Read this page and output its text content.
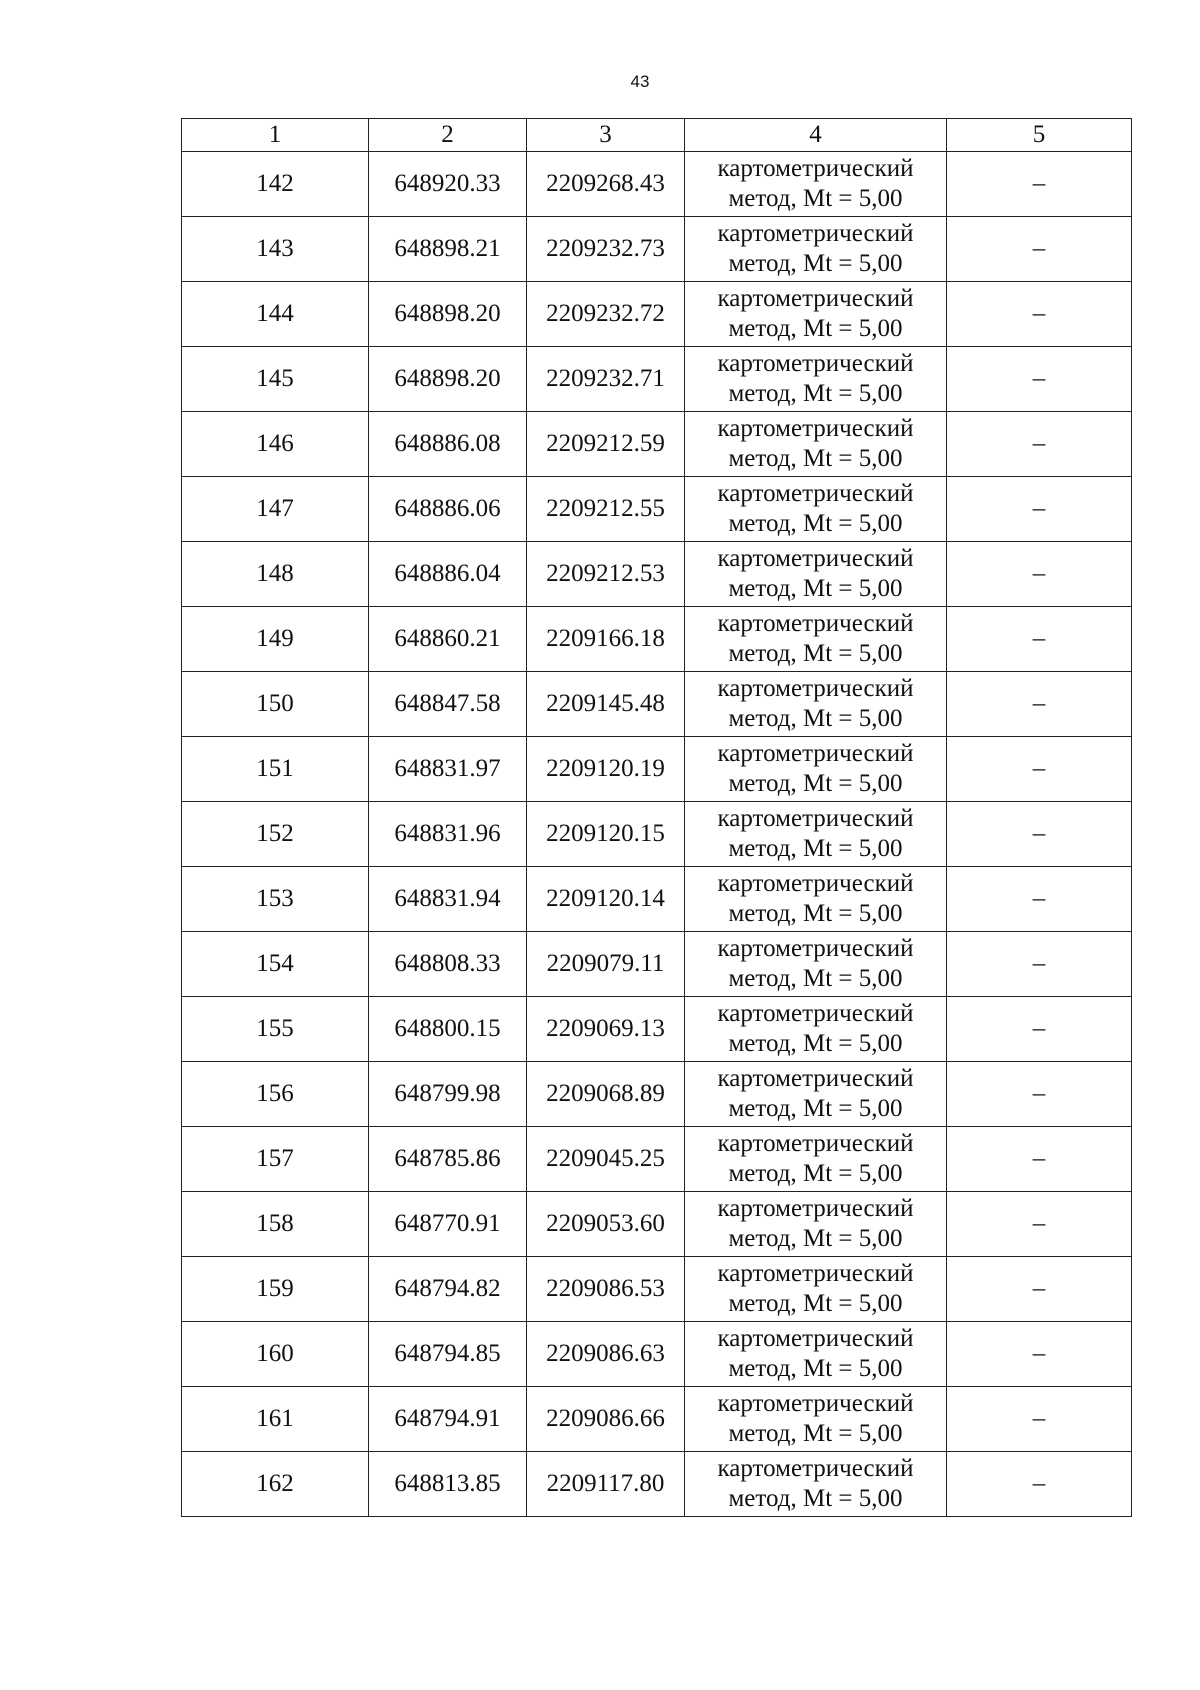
43
1	2	3	4	5
142	648920.33	2209268.43	картометрический
метод, Mt = 5,00	–
143	648898.21	2209232.73	картометрический
метод, Mt = 5,00	–
144	648898.20	2209232.72	картометрический
метод, Mt = 5,00	–
145	648898.20	2209232.71	картометрический
метод, Mt = 5,00	–
146	648886.08	2209212.59	картометрический
метод, Mt = 5,00	–
147	648886.06	2209212.55	картометрический
метод, Mt = 5,00	–
148	648886.04	2209212.53	картометрический
метод, Mt = 5,00	–
149	648860.21	2209166.18	картометрический
метод, Mt = 5,00	–
150	648847.58	2209145.48	картометрический
метод, Mt = 5,00	–
151	648831.97	2209120.19	картометрический
метод, Mt = 5,00	–
152	648831.96	2209120.15	картометрический
метод, Mt = 5,00	–
153	648831.94	2209120.14	картометрический
метод, Mt = 5,00	–
154	648808.33	2209079.11	картометрический
метод, Mt = 5,00	–
155	648800.15	2209069.13	картометрический
метод, Mt = 5,00	–
156	648799.98	2209068.89	картометрический
метод, Mt = 5,00	–
157	648785.86	2209045.25	картометрический
метод, Mt = 5,00	–
158	648770.91	2209053.60	картометрический
метод, Mt = 5,00	–
159	648794.82	2209086.53	картометрический
метод, Mt = 5,00	–
160	648794.85	2209086.63	картометрический
метод, Mt = 5,00	–
161	648794.91	2209086.66	картометрический
метод, Mt = 5,00	–
162	648813.85	2209117.80	картометрический
метод, Mt = 5,00	–
